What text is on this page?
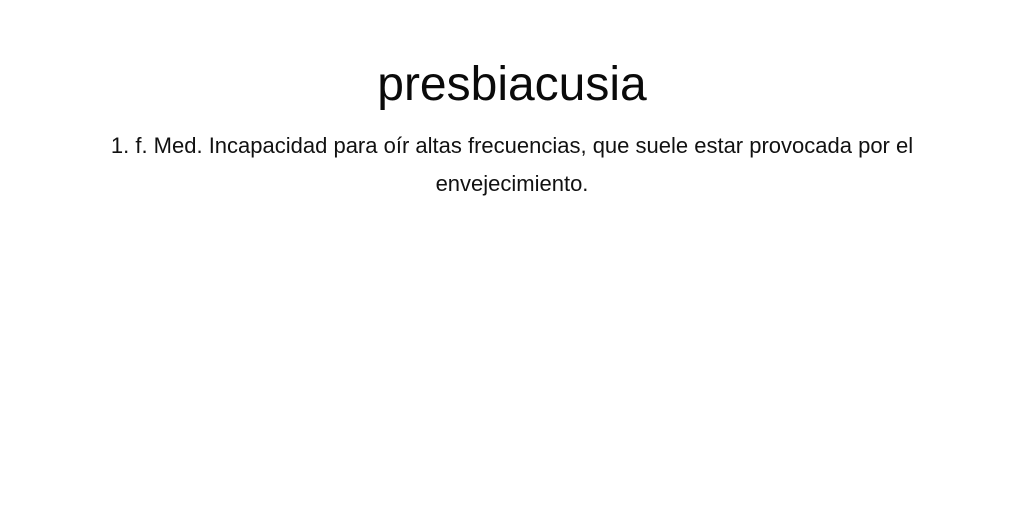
presbiacusia

1. f. Med. Incapacidad para oír altas frecuencias, que suele estar provocada por el envejecimiento.
